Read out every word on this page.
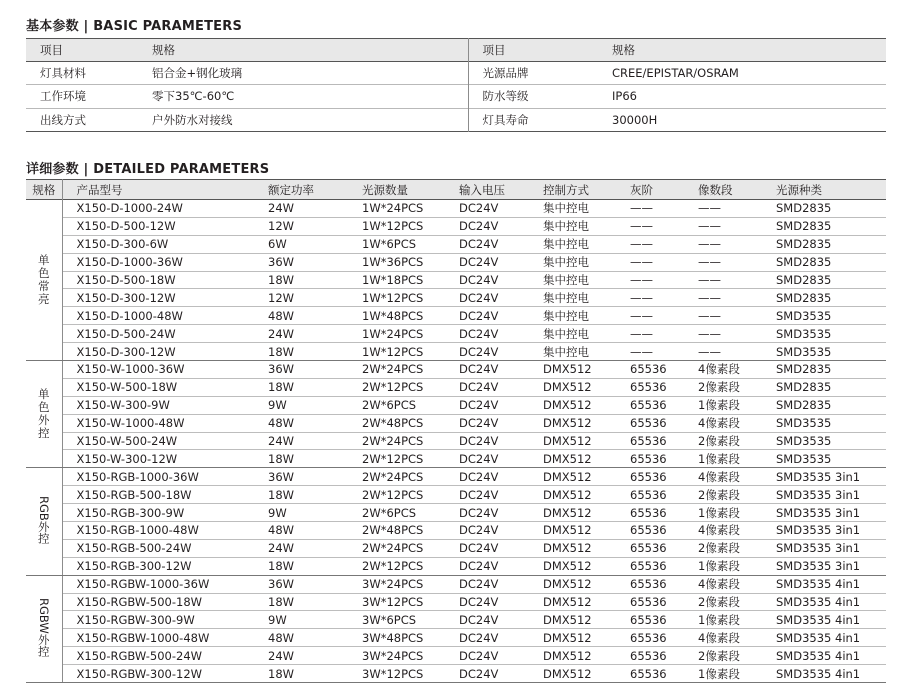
基本参数 | BASIC PARAMETERS
项目	规格	项目	规格
灯具材料	铝合金+钢化玻璃	光源品牌	CREE/EPISTAR/OSRAM
工作环境	零下35℃-60℃	防水等级	IP66
出线方式	户外防水对接线	灯具寿命	30000H
详细参数 | DETAILED PARAMETERS
规格	产品型号	额定功率	光源数量	输入电压	控制方式	灰阶	像数段	光源种类
单色常亮	X150-D-1000-24W	24W	1W*24PCS	DC24V	集中控电	——	——	SMD2835
	X150-D-500-12W	12W	1W*12PCS	DC24V	集中控电	——	——	SMD2835
	X150-D-300-6W	6W	1W*6PCS	DC24V	集中控电	——	——	SMD2835
	X150-D-1000-36W	36W	1W*36PCS	DC24V	集中控电	——	——	SMD2835
	X150-D-500-18W	18W	1W*18PCS	DC24V	集中控电	——	——	SMD2835
	X150-D-300-12W	12W	1W*12PCS	DC24V	集中控电	——	——	SMD2835
	X150-D-1000-48W	48W	1W*48PCS	DC24V	集中控电	——	——	SMD3535
	X150-D-500-24W	24W	1W*24PCS	DC24V	集中控电	——	——	SMD3535
	X150-D-300-12W	18W	1W*12PCS	DC24V	集中控电	——	——	SMD3535
单色外控	X150-W-1000-36W	36W	2W*24PCS	DC24V	DMX512	65536	4像素段	SMD2835
	X150-W-500-18W	18W	2W*12PCS	DC24V	DMX512	65536	2像素段	SMD2835
	X150-W-300-9W	9W	2W*6PCS	DC24V	DMX512	65536	1像素段	SMD2835
	X150-W-1000-48W	48W	2W*48PCS	DC24V	DMX512	65536	4像素段	SMD3535
	X150-W-500-24W	24W	2W*24PCS	DC24V	DMX512	65536	2像素段	SMD3535
	X150-W-300-12W	18W	2W*12PCS	DC24V	DMX512	65536	1像素段	SMD3535
RGB外控	X150-RGB-1000-36W	36W	2W*24PCS	DC24V	DMX512	65536	4像素段	SMD3535 3in1
	X150-RGB-500-18W	18W	2W*12PCS	DC24V	DMX512	65536	2像素段	SMD3535 3in1
	X150-RGB-300-9W	9W	2W*6PCS	DC24V	DMX512	65536	1像素段	SMD3535 3in1
	X150-RGB-1000-48W	48W	2W*48PCS	DC24V	DMX512	65536	4像素段	SMD3535 3in1
	X150-RGB-500-24W	24W	2W*24PCS	DC24V	DMX512	65536	2像素段	SMD3535 3in1
	X150-RGB-300-12W	18W	2W*12PCS	DC24V	DMX512	65536	1像素段	SMD3535 3in1
RGBW外控	X150-RGBW-1000-36W	36W	3W*24PCS	DC24V	DMX512	65536	4像素段	SMD3535 4in1
	X150-RGBW-500-18W	18W	3W*12PCS	DC24V	DMX512	65536	2像素段	SMD3535 4in1
	X150-RGBW-300-9W	9W	3W*6PCS	DC24V	DMX512	65536	1像素段	SMD3535 4in1
	X150-RGBW-1000-48W	48W	3W*48PCS	DC24V	DMX512	65536	4像素段	SMD3535 4in1
	X150-RGBW-500-24W	24W	3W*24PCS	DC24V	DMX512	65536	2像素段	SMD3535 4in1
	X150-RGBW-300-12W	18W	3W*12PCS	DC24V	DMX512	65536	1像素段	SMD3535 4in1
